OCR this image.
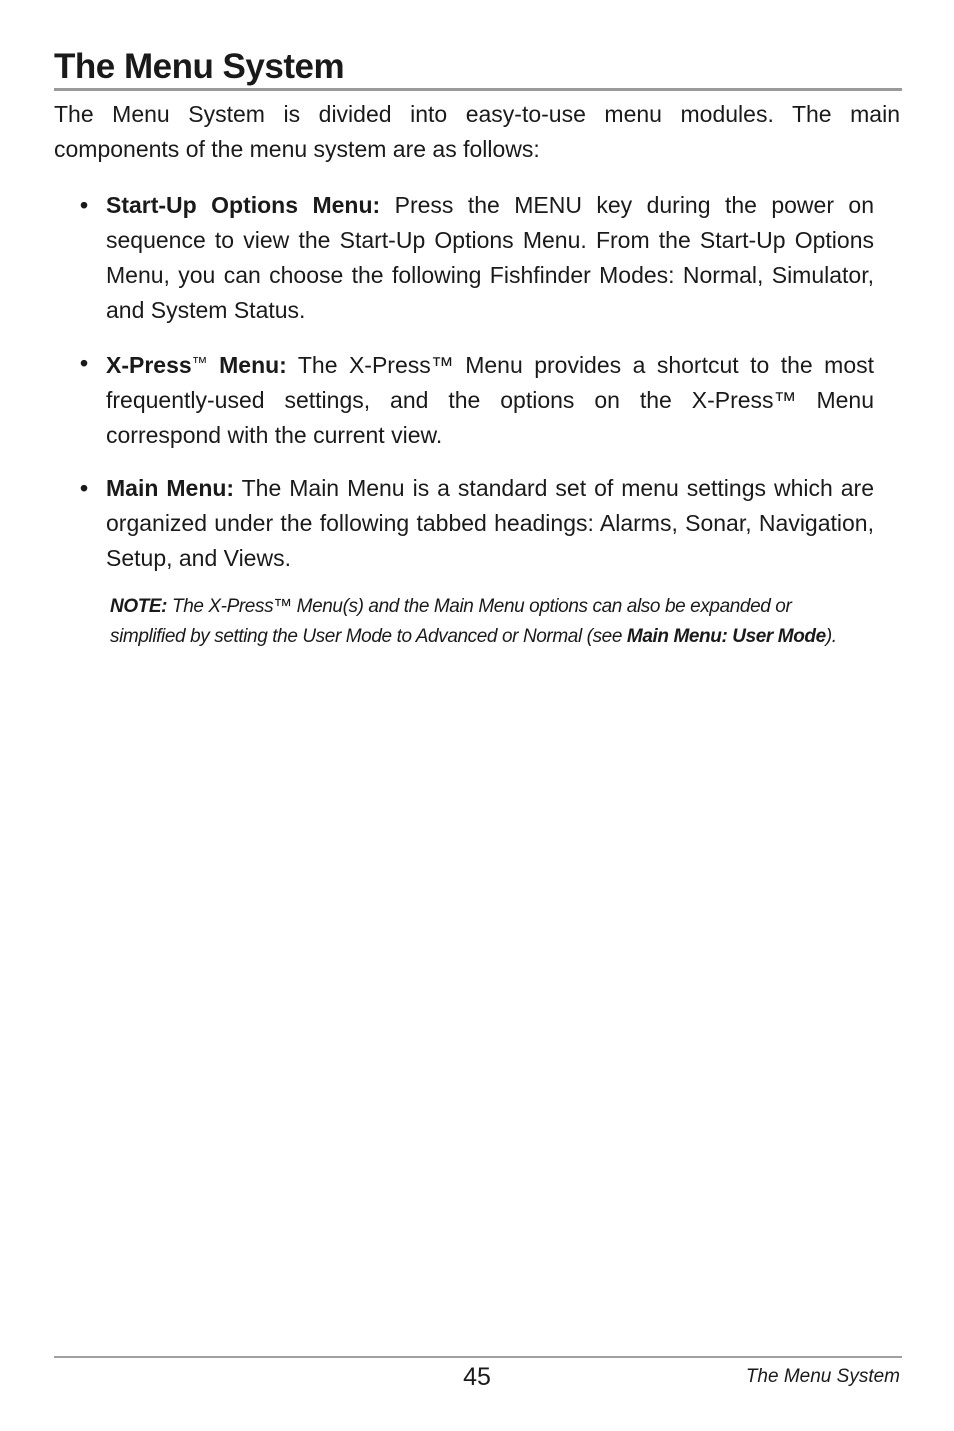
The Menu System

The Menu System is divided into easy-to-use menu modules. The main components of the menu system are as follows:

• Start-Up Options Menu: Press the MENU key during the power on sequence to view the Start-Up Options Menu. From the Start-Up Options Menu, you can choose the following Fishfinder Modes: Normal, Simulator, and System Status.
• X-Press™ Menu: The X-Press™ Menu provides a shortcut to the most frequently-used settings, and the options on the X-Press™ Menu correspond with the current view.
• Main Menu: The Main Menu is a standard set of menu settings which are organized under the following tabbed headings: Alarms, Sonar, Navigation, Setup, and Views.

NOTE: The X-Press™ Menu(s) and the Main Menu options can also be expanded or simplified by setting the User Mode to Advanced or Normal (see Main Menu: User Mode).

45	The Menu System
